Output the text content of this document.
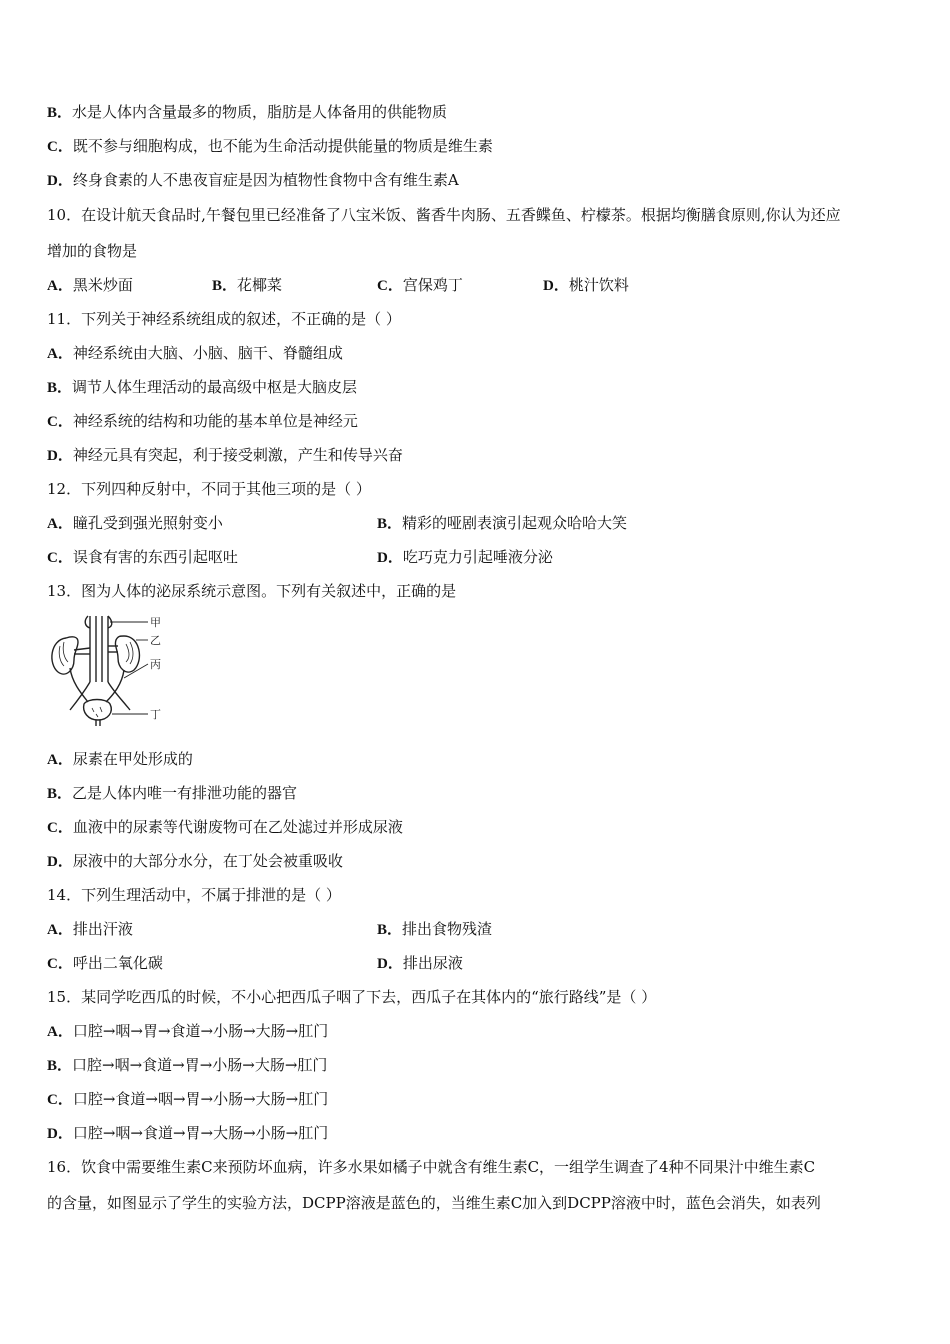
B．水是人体内含量最多的物质，脂肪是人体备用的供能物质
C．既不参与细胞构成，也不能为生命活动提供能量的物质是维生素
D．终身食素的人不患夜盲症是因为植物性食物中含有维生素A
10．在设计航天食品时,午餐包里已经准备了八宝米饭、酱香牛肉肠、五香鲽鱼、柠檬茶。根据均衡膳食原则,你认为还应
增加的食物是
A．黑米炒面	B．花椰菜	C．宫保鸡丁	D．桃汁饮料
11．下列关于神经系统组成的叙述，不正确的是（ ）
A．神经系统由大脑、小脑、脑干、脊髓组成
B．调节人体生理活动的最高级中枢是大脑皮层
C．神经系统的结构和功能的基本单位是神经元
D．神经元具有突起，利于接受刺激，产生和传导兴奋
12．下列四种反射中，不同于其他三项的是（ ）
A．瞳孔受到强光照射变小	B．精彩的哑剧表演引起观众哈哈大笑
C．误食有害的东西引起呕吐	D．吃巧克力引起唾液分泌
13．图为人体的泌尿系统示意图。下列有关叙述中，正确的是
甲
乙
丙
丁
A．尿素在甲处形成的
B．乙是人体内唯一有排泄功能的器官
C．血液中的尿素等代谢废物可在乙处滤过并形成尿液
D．尿液中的大部分水分，在丁处会被重吸收
14．下列生理活动中，不属于排泄的是（ ）
A．排出汗液	B．排出食物残渣
C．呼出二氧化碳	D．排出尿液
15．某同学吃西瓜的时候，不小心把西瓜子咽了下去，西瓜子在其体内的“旅行路线”是（ ）
A．口腔→咽→胃→食道→小肠→大肠→肛门
B．口腔→咽→食道→胃→小肠→大肠→肛门
C．口腔→食道→咽→胃→小肠→大肠→肛门
D．口腔→咽→食道→胃→大肠→小肠→肛门
16．饮食中需要维生素C来预防坏血病，许多水果如橘子中就含有维生素C，一组学生调查了4种不同果汁中维生素C
的含量，如图显示了学生的实验方法，DCPP溶液是蓝色的，当维生素C加入到DCPP溶液中时，蓝色会消失，如表列
